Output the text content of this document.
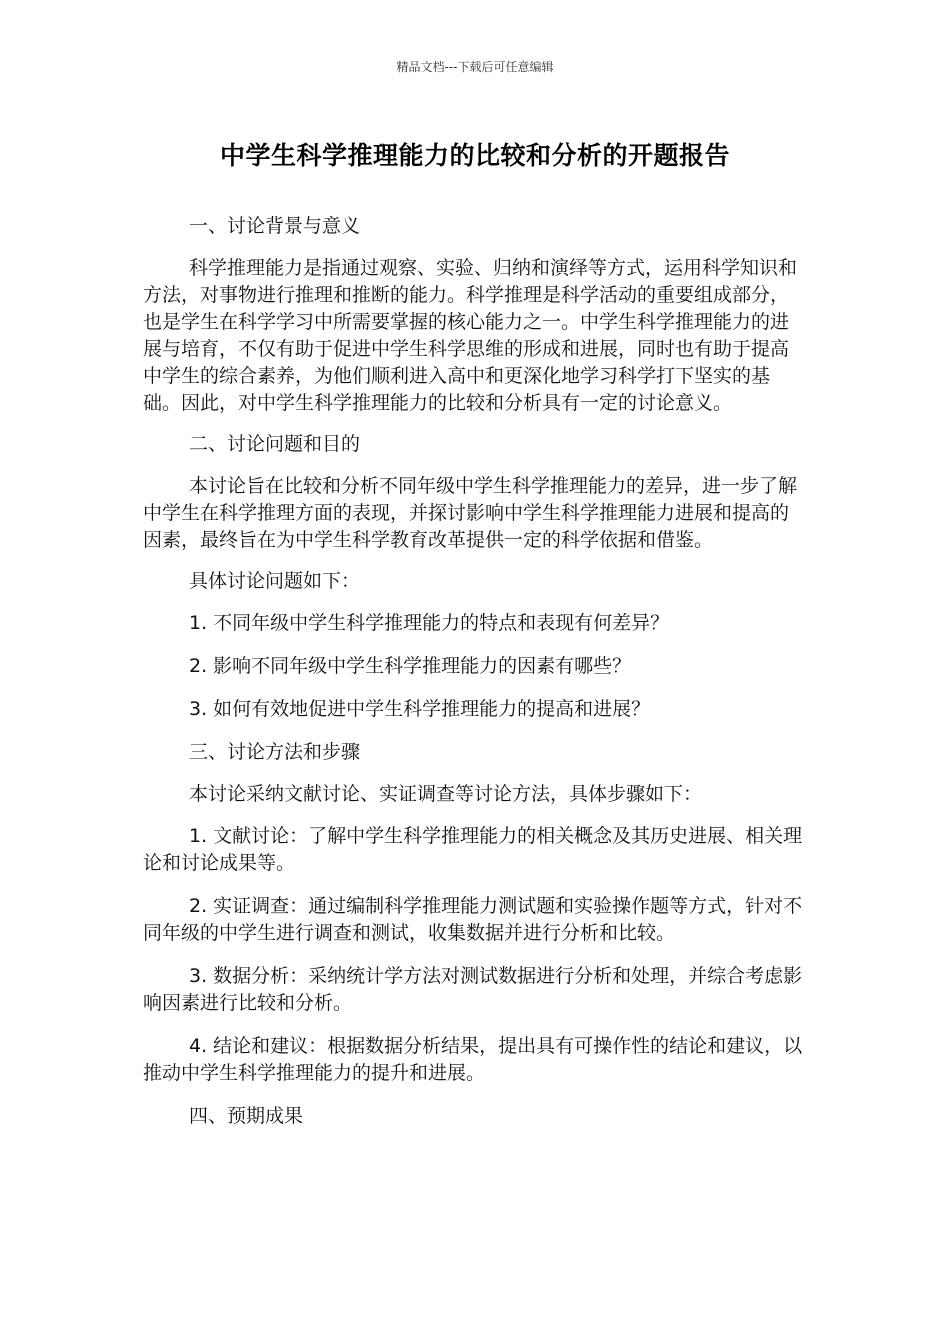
精品文档---下载后可任意编辑
中学生科学推理能力的比较和分析的开题报告

一、讨论背景与意义

科学推理能力是指通过观察、实验、归纳和演绎等方式，运用科学知识和方法，对事物进行推理和推断的能力。科学推理是科学活动的重要组成部分，也是学生在科学学习中所需要掌握的核心能力之一。中学生科学推理能力的进展与培育，不仅有助于促进中学生科学思维的形成和进展，同时也有助于提高中学生的综合素养，为他们顺利进入高中和更深化地学习科学打下坚实的基础。因此，对中学生科学推理能力的比较和分析具有一定的讨论意义。

二、讨论问题和目的

本讨论旨在比较和分析不同年级中学生科学推理能力的差异，进一步了解中学生在科学推理方面的表现，并探讨影响中学生科学推理能力进展和提高的因素，最终旨在为中学生科学教育改革提供一定的科学依据和借鉴。

具体讨论问题如下：

1. 不同年级中学生科学推理能力的特点和表现有何差异？

2. 影响不同年级中学生科学推理能力的因素有哪些？

3. 如何有效地促进中学生科学推理能力的提高和进展？

三、讨论方法和步骤

本讨论采纳文献讨论、实证调查等讨论方法，具体步骤如下：

1. 文献讨论：了解中学生科学推理能力的相关概念及其历史进展、相关理论和讨论成果等。

2. 实证调查：通过编制科学推理能力测试题和实验操作题等方式，针对不同年级的中学生进行调查和测试，收集数据并进行分析和比较。

3. 数据分析：采纳统计学方法对测试数据进行分析和处理，并综合考虑影响因素进行比较和分析。

4. 结论和建议：根据数据分析结果，提出具有可操作性的结论和建议，以推动中学生科学推理能力的提升和进展。

四、预期成果
